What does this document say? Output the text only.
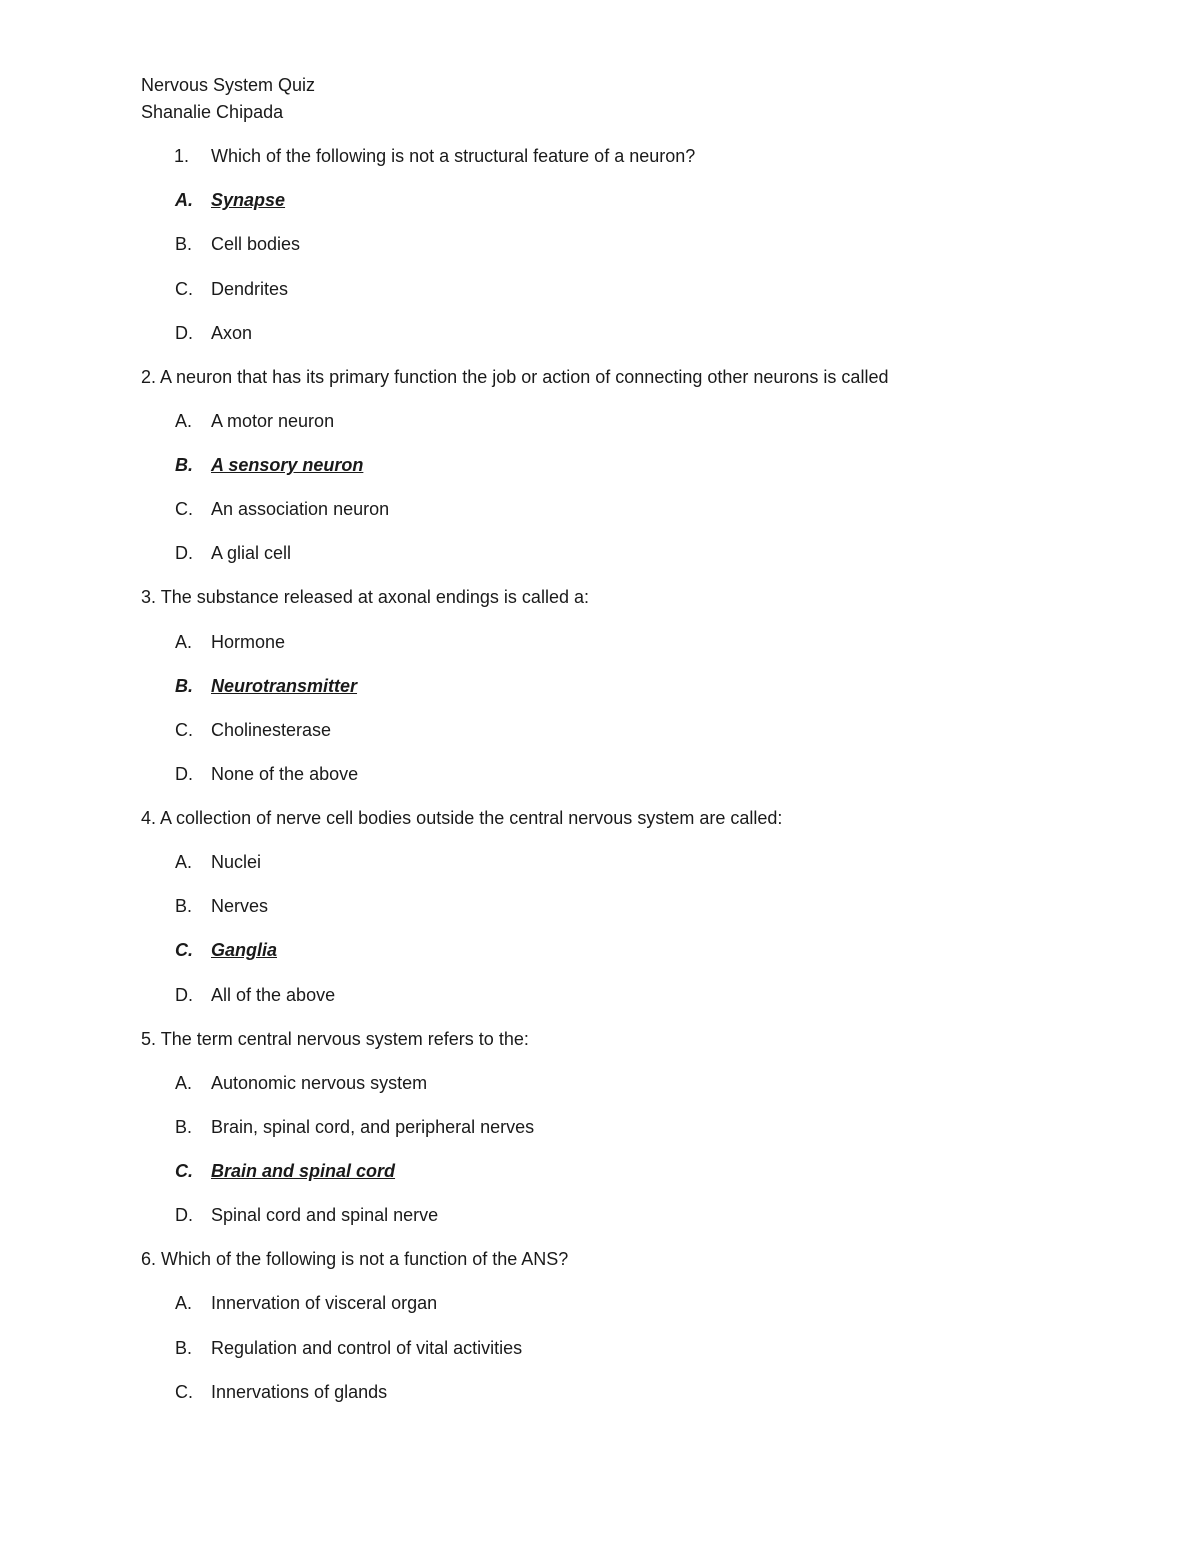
Nervous System Quiz
Shanalie Chipada
1. Which of the following is not a structural feature of a neuron?
A. Synapse
B. Cell bodies
C. Dendrites
D. Axon
2. A neuron that has its primary function the job or action of connecting other neurons is called
A. A motor neuron
B. A sensory neuron
C. An association neuron
D. A glial cell
3. The substance released at axonal endings is called a:
A. Hormone
B. Neurotransmitter
C. Cholinesterase
D. None of the above
4. A collection of nerve cell bodies outside the central nervous system are called:
A. Nuclei
B. Nerves
C. Ganglia
D. All of the above
5. The term central nervous system refers to the:
A. Autonomic nervous system
B. Brain, spinal cord, and peripheral nerves
C. Brain and spinal cord
D. Spinal cord and spinal nerve
6. Which of the following is not a function of the ANS?
A. Innervation of visceral organ
B. Regulation and control of vital activities
C. Innervations of glands
